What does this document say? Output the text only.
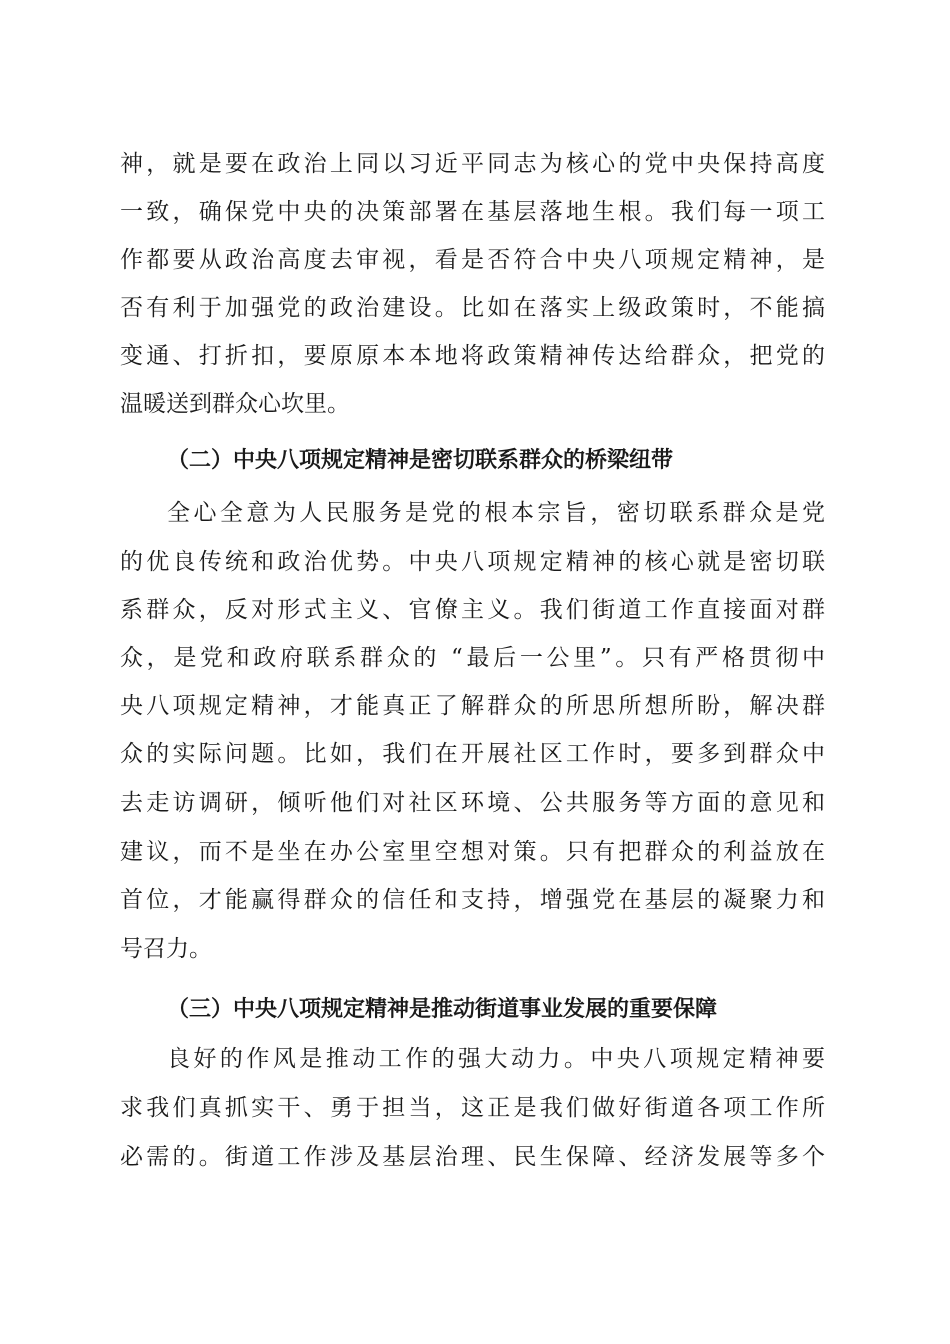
神，就是要在政治上同以习近平同志为核心的党中央保持高度
一致，确保党中央的决策部署在基层落地生根。我们每一项工
作都要从政治高度去审视，看是否符合中央八项规定精神，是
否有利于加强党的政治建设。比如在落实上级政策时，不能搞
变通、打折扣，要原原本本地将政策精神传达给群众，把党的
温暖送到群众心坎里。
（二）中央八项规定精神是密切联系群众的桥梁纽带
全心全意为人民服务是党的根本宗旨，密切联系群众是党
的优良传统和政治优势。中央八项规定精神的核心就是密切联
系群众，反对形式主义、官僚主义。我们街道工作直接面对群
众，是党和政府联系群众的 “最后一公里”。只有严格贯彻中
央八项规定精神，才能真正了解群众的所思所想所盼，解决群
众的实际问题。比如，我们在开展社区工作时，要多到群众中
去走访调研，倾听他们对社区环境、公共服务等方面的意见和
建议，而不是坐在办公室里空想对策。只有把群众的利益放在
首位，才能赢得群众的信任和支持，增强党在基层的凝聚力和
号召力。
（三）中央八项规定精神是推动街道事业发展的重要保障
良好的作风是推动工作的强大动力。中央八项规定精神要
求我们真抓实干、勇于担当，这正是我们做好街道各项工作所
必需的。街道工作涉及基层治理、民生保障、经济发展等多个
